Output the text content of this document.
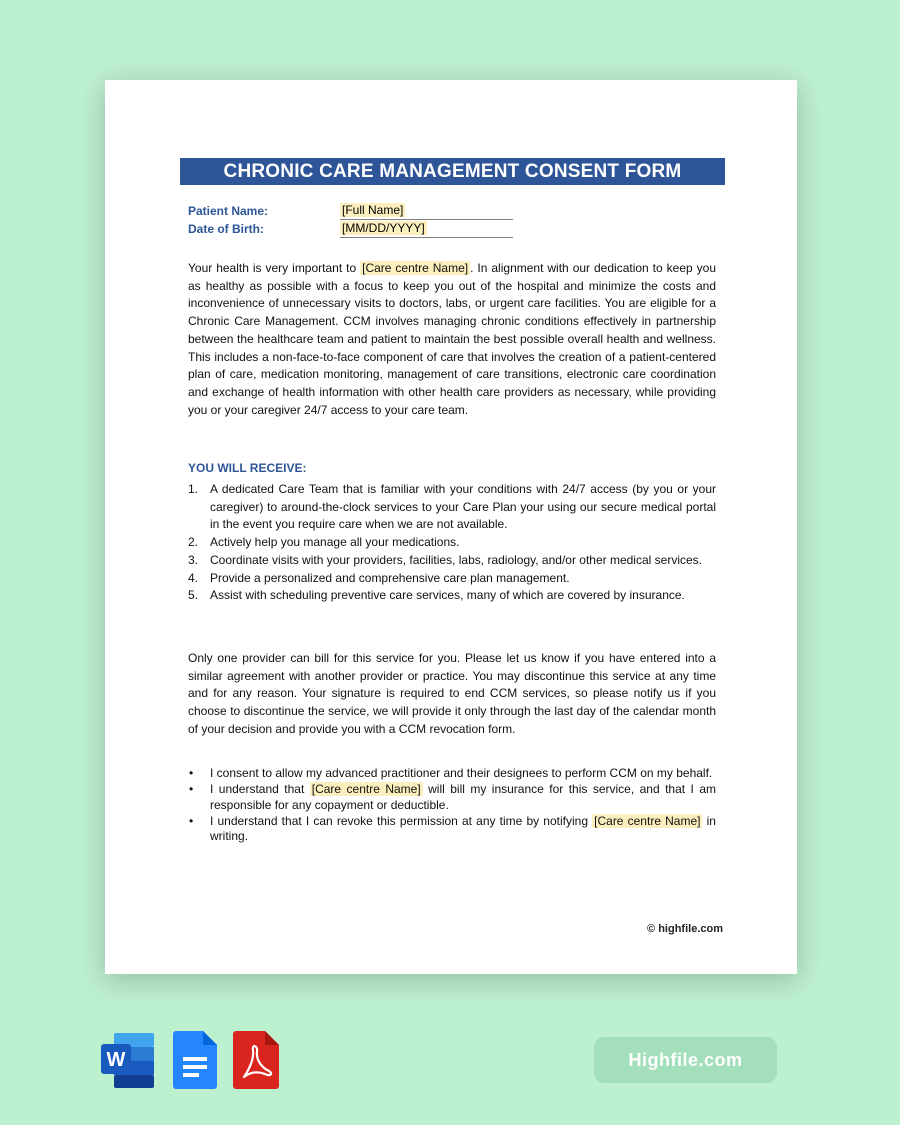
CHRONIC CARE MANAGEMENT CONSENT FORM
Patient Name:	[Full Name]
Date of Birth:	[MM/DD/YYYY]
Your health is very important to [Care centre Name] . In alignment with our dedication to keep you as healthy as possible with a focus to keep you out of the hospital and minimize the costs and inconvenience of unnecessary visits to doctors, labs, or urgent care facilities. You are eligible for a Chronic Care Management. CCM involves managing chronic conditions effectively in partnership between the healthcare team and patient to maintain the best possible overall health and wellness. This includes a non-face-to-face component of care that involves the creation of a patient-centered plan of care, medication monitoring, management of care transitions, electronic care coordination and exchange of health information with other health care providers as necessary, while providing you or your caregiver 24/7 access to your care team.
YOU WILL RECEIVE:
1. A dedicated Care Team that is familiar with your conditions with 24/7 access (by you or your caregiver) to around-the-clock services to your Care Plan your using our secure medical portal in the event you require care when we are not available.
2. Actively help you manage all your medications.
3. Coordinate visits with your providers, facilities, labs, radiology, and/or other medical services.
4. Provide a personalized and comprehensive care plan management.
5. Assist with scheduling preventive care services, many of which are covered by insurance.
Only one provider can bill for this service for you. Please let us know if you have entered into a similar agreement with another provider or practice. You may discontinue this service at any time and for any reason. Your signature is required to end CCM services, so please notify us if you choose to discontinue the service, we will provide it only through the last day of the calendar month of your decision and provide you with a CCM revocation form.
• I consent to allow my advanced practitioner and their designees to perform CCM on my behalf.
• I understand that [Care centre Name] will bill my insurance for this service, and that I am responsible for any copayment or deductible.
• I understand that I can revoke this permission at any time by notifying [Care centre Name] in writing.
© highfile.com
W	Highfile.com
